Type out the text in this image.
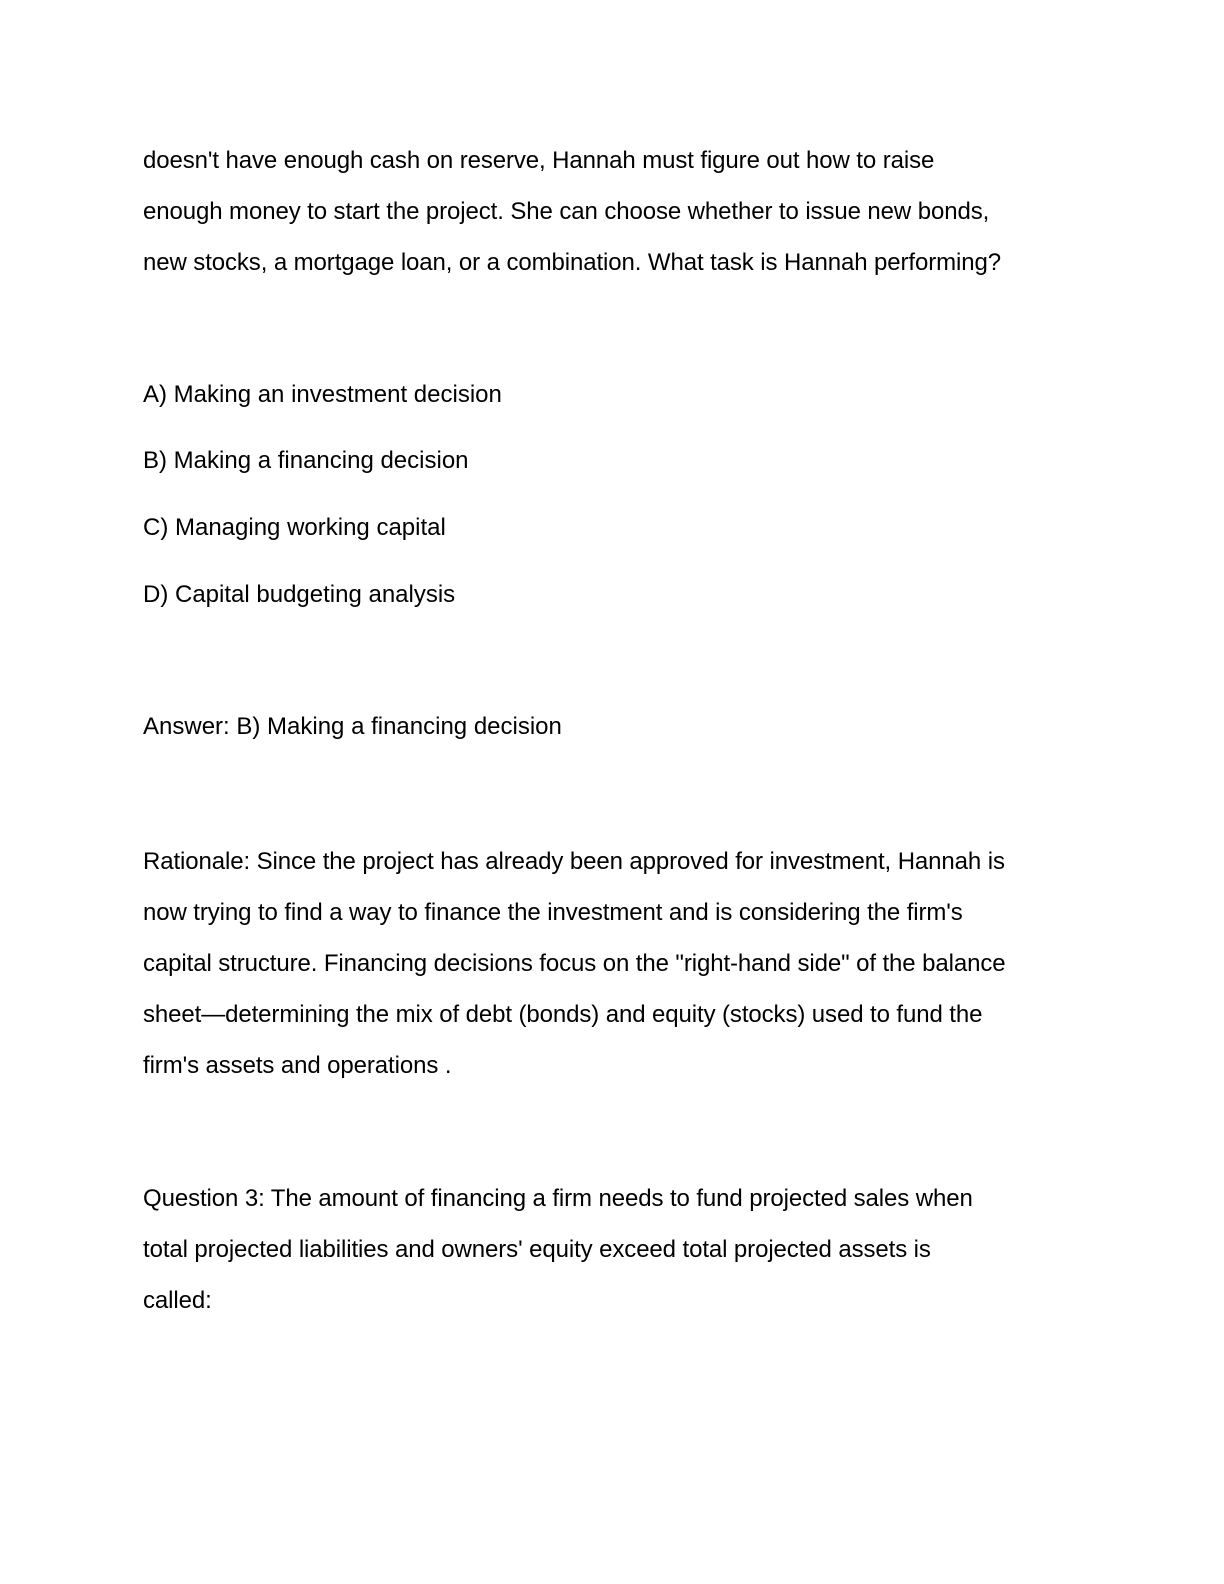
doesn't have enough cash on reserve, Hannah must figure out how to raise
enough money to start the project. She can choose whether to issue new bonds,
new stocks, a mortgage loan, or a combination. What task is Hannah performing?
A) Making an investment decision
B) Making a financing decision
C) Managing working capital
D) Capital budgeting analysis
Answer: B) Making a financing decision
Rationale: Since the project has already been approved for investment, Hannah is
now trying to find a way to finance the investment and is considering the firm's
capital structure. Financing decisions focus on the "right-hand side" of the balance
sheet—determining the mix of debt (bonds) and equity (stocks) used to fund the
firm's assets and operations .
Question 3: The amount of financing a firm needs to fund projected sales when
total projected liabilities and owners' equity exceed total projected assets is
called:
